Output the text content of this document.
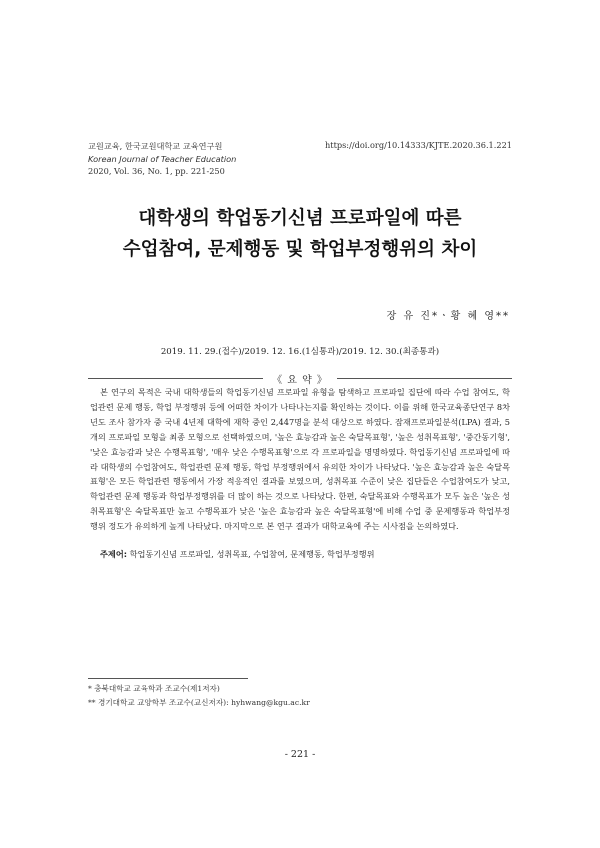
교원교육, 한국교원대학교 교육연구원
Korean Journal of Teacher Education
2020, Vol. 36, No. 1, pp. 221-250
https://doi.org/10.14333/KJTE.2020.36.1.221
대학생의 학업동기신념 프로파일에 따른
수업참여, 문제행동 및 학업부정행위의 차이
장 유 진*ㆍ황 혜 영**
2019. 11. 29.(접수)/2019. 12. 16.(1심통과)/2019. 12. 30.(최종통과)
《 요 약 》
본 연구의 목적은 국내 대학생들의 학업동기신념 프로파일 유형을 탐색하고 프로파일 집단에 따라 수업 참여도, 학업관련 문제 행동, 학업 부정행위 등에 어떠한 차이가 나타나는지를 확인하는 것이다. 이를 위해 한국교육종단연구 8차년도 조사 참가자 중 국내 4년제 대학에 재학 중인 2,447명을 분석 대상으로 하였다. 잠재프로파일분석(LPA) 결과, 5개의 프로파일 모형을 최종 모형으로 선택하였으며, '높은 효능감과 높은 숙달목표형', '높은 성취목표형', '중간동기형', '낮은 효능감과 낮은 수행목표형', '매우 낮은 수행목표형'으로 각 프로파일을 명명하였다. 학업동기신념 프로파일에 따라 대학생의 수업참여도, 학업관련 문제 행동, 학업 부정행위에서 유의한 차이가 나타났다. '높은 효능감과 높은 숙달목표형'은 모든 학업관련 행동에서 가장 적응적인 결과를 보였으며, 성취목표 수준이 낮은 집단들은 수업참여도가 낮고, 학업관련 문제 행동과 학업부정행위를 더 많이 하는 것으로 나타났다. 한편, 숙달목표와 수행목표가 모두 높은 '높은 성취목표형'은 숙달목표만 높고 수행목표가 낮은 '높은 효능감과 높은 숙달목표형'에 비해 수업 중 문제행동과 학업부정행위 정도가 유의하게 높게 나타났다. 마지막으로 본 연구 결과가 대학교육에 주는 시사점을 논의하였다.
주제어: 학업동기신념 프로파일, 성취목표, 수업참여, 문제행동, 학업부정행위
* 충북대학교 교육학과 조교수(제1저자)
** 경기대학교 교양학부 조교수(교신저자): hyhwang@kgu.ac.kr
- 221 -
